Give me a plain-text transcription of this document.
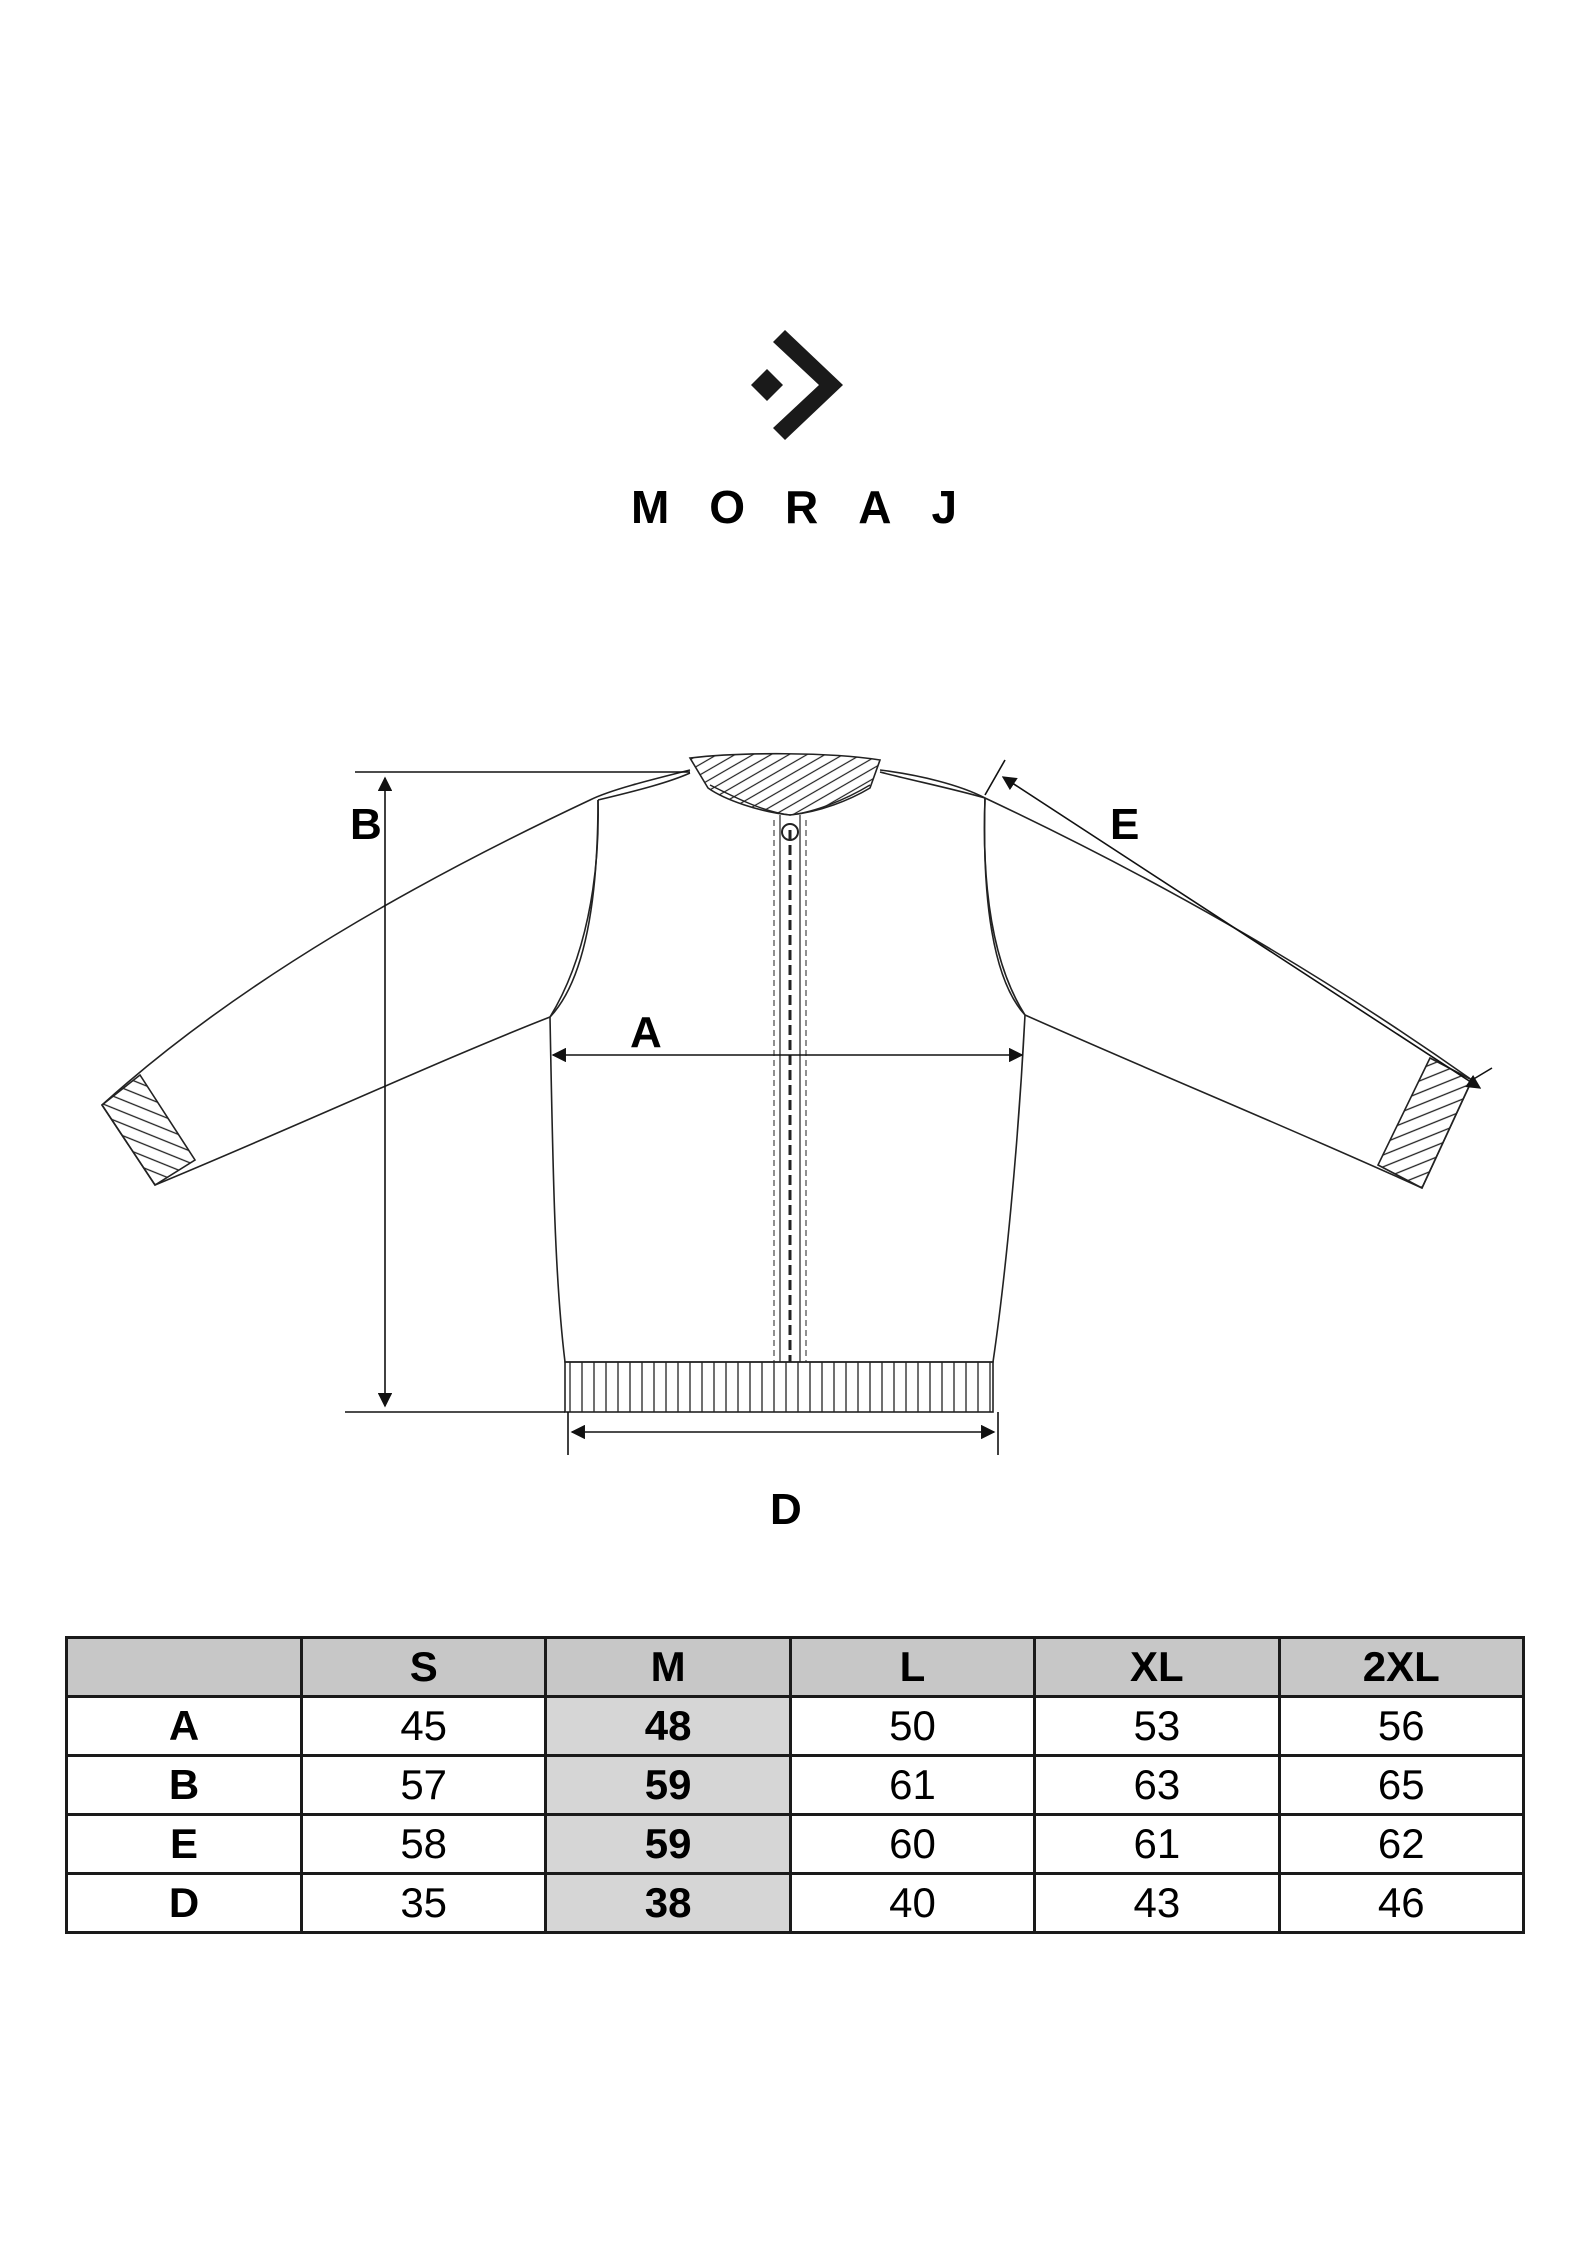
MORAJ
B
A
E
D
	S	M	L	XL	2XL
A	45	48	50	53	56
B	57	59	61	63	65
E	58	59	60	61	62
D	35	38	40	43	46
